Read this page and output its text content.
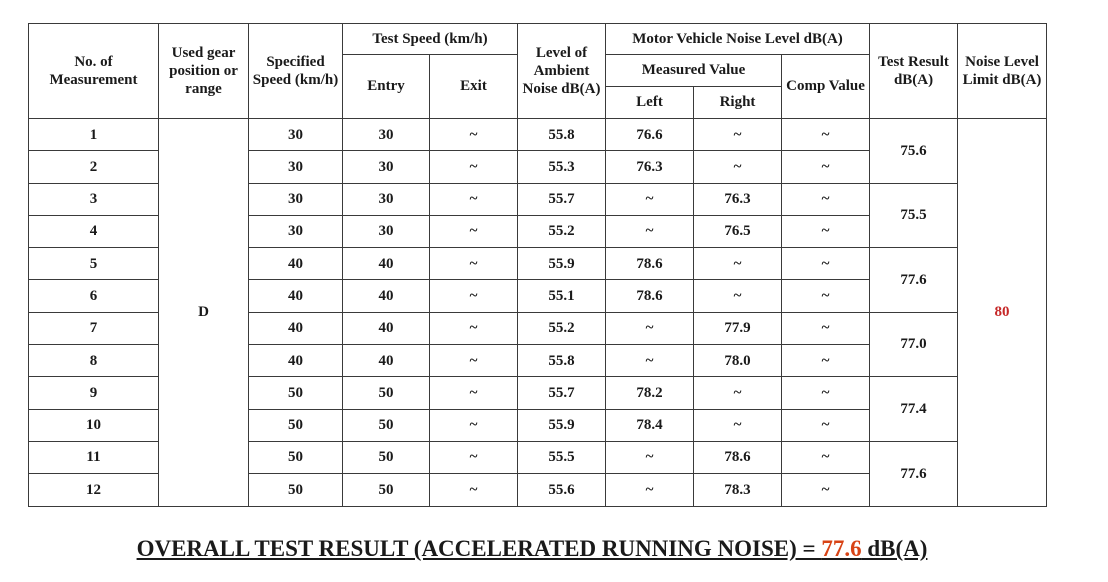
No. of Measurement	Used gear position or range	Specified Speed (km/h)	Test Speed (km/h)		Level of Ambient Noise dB(A)	Motor Vehicle Noise Level dB(A)			Test Result dB(A)	Noise Level Limit dB(A)
			Entry	Exit		Measured Value		Comp Value		
						Left	Right			
1	D	30	30	~	55.8	76.6	~	~	75.6	80
2		30	30	~	55.3	76.3	~	~		
3		30	30	~	55.7	~	76.3	~	75.5	
4		30	30	~	55.2	~	76.5	~		
5		40	40	~	55.9	78.6	~	~	77.6	
6		40	40	~	55.1	78.6	~	~		
7		40	40	~	55.2	~	77.9	~	77.0	
8		40	40	~	55.8	~	78.0	~		
9		50	50	~	55.7	78.2	~	~	77.4	
10		50	50	~	55.9	78.4	~	~		
11		50	50	~	55.5	~	78.6	~	77.6	
12		50	50	~	55.6	~	78.3	~		
OVERALL TEST RESULT (ACCELERATED RUNNING NOISE) = 77.6 dB(A)
